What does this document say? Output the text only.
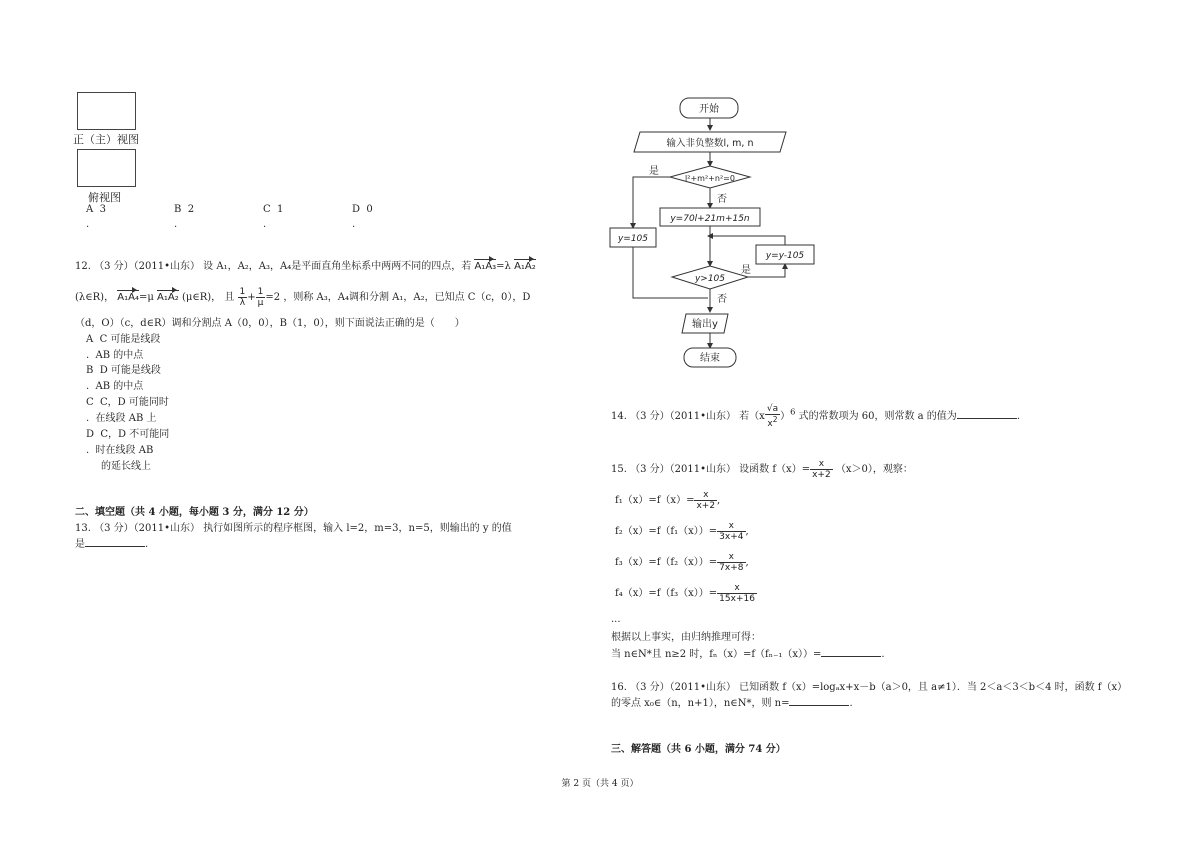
正（主）视图
俯视图
A 3	B 2	C 1	D 0
.	.	.	.
12. （3 分）（2011•山东） 设 A₁，A₂，A₃，A₄是平面直角坐标系中两两不同的四点，若 A₁A₃=λ A₁A₂
(λ∈R)， A₁A₄=μ A₁A₂ (μ∈R)， 且 $\frac{1}{\lambda} + \frac{1}{\mu} =2$ ，则称 A₃，A₄调和分割 A₁，A₂，已知点 C（c，0），D
（d，O）（c，d∈R）调和分割点 A（0，0），B（1，0），则下面说法正确的是（　　）
A C 可能是线段
.  AB 的中点
B D 可能是线段
.  AB 的中点
C C，D 可能同时
.  在线段 AB 上
D C，D 不可能同
.  时在线段 AB
的延长线上
二、填空题（共 4 小题，每小题 3 分，满分 12 分）
13. （3 分）（2011•山东） 执行如图所示的程序框图，输入 l=2，m=3，n=5，则输出的 y 的值
是	.
开始
输入非负整数l, m, n
l²+m²+n²=0
是
否
y=70l+21m+15n
y=105
y=y-105
y>105
是
否
输出y
结束
14. （3 分）（2011•山东） 若$(x \frac{√a}{x^2} )^6$ 式的常数项为 60，则常数 a 的值为	.
15. （3 分）（2011•山东） 设函数 $f(x)= \frac{x}{x+2} (x>0)$，观察：
$f_1(x)=f(x)= \frac{x}{x+2}$ ,
$f_2(x)=f(f_1(x))= \frac{x}{3x+4}$ ,
$f_3(x)=f(f_2(x))= \frac{x}{7x+8}$ ,
$f_4(x)=f(f_3(x))= \frac{x}{15x+16}$
...
根据以上事实，由归纳推理可得：
当 n∈N*且 n≥2 时，fₙ（x）=f（fₙ₋₁（x））=	.
16. （3 分）（2011•山东） 已知函数 f（x）=logₐx+x－b（a＞0，且 a≠1）．当 2＜a＜3＜b＜4 时，函数 f（x）
的零点 x₀∈（n，n+1），n∈N*，则 n=	.
三、解答题（共 6 小题，满分 74 分）
第 2 页（共 4 页）
